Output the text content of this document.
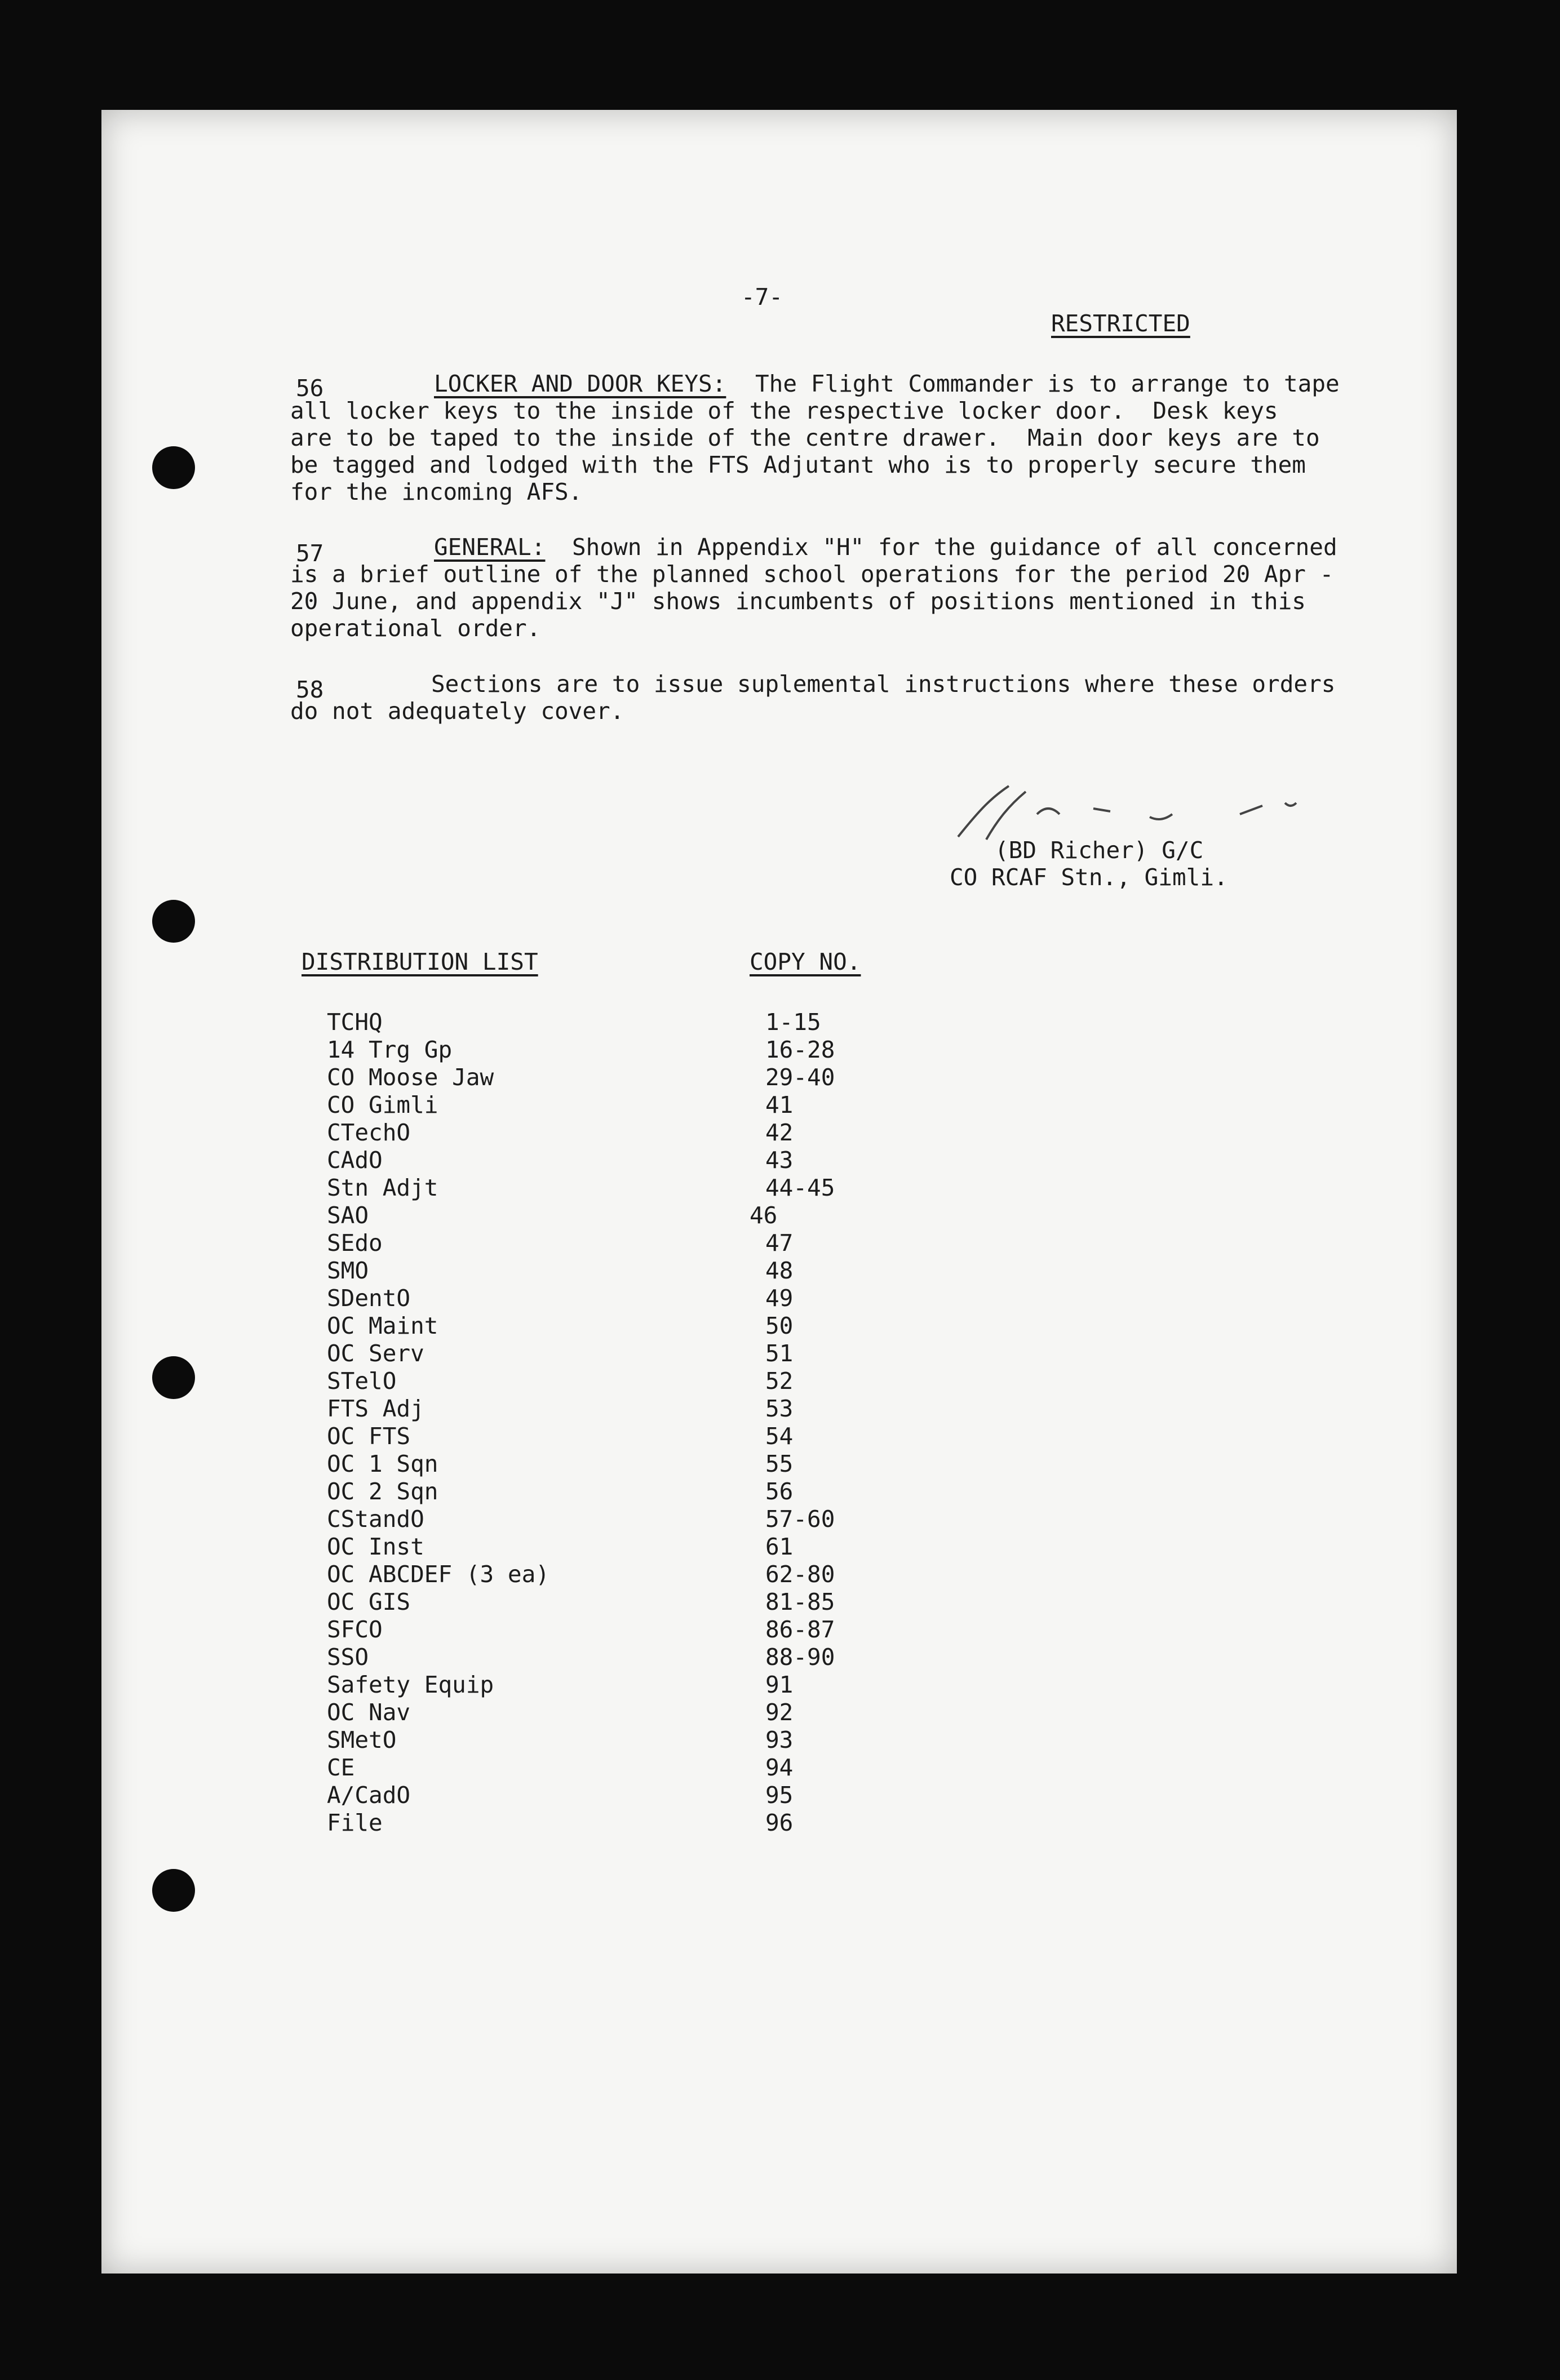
-7-
RESTRICTED
56	LOCKER AND DOOR KEYS: The Flight Commander is to arrange to tape
all locker keys to the inside of the respective locker door.  Desk keys
are to be taped to the inside of the centre drawer.  Main door keys are to
be tagged and lodged with the FTS Adjutant who is to properly secure them
for the incoming AFS.
57	GENERAL: Shown in Appendix "H" for the guidance of all concerned
is a brief outline of the planned school operations for the period 20 Apr -
20 June, and appendix "J" shows incumbents of positions mentioned in this
operational order.
58	Sections are to issue suplemental instructions where these orders
do not adequately cover.
(BD Richer) G/C
CO RCAF Stn., Gimli.
DISTRIBUTION LIST	COPY NO.
TCHQ	1-15
14 Trg Gp	16-28
CO Moose Jaw	29-40
CO Gimli	41
CTechO	42
CAdO	43
Stn Adjt	44-45
SAO	46
SEdo	47
SMO	48
SDentO	49
OC Maint	50
OC Serv	51
STelO	52
FTS Adj	53
OC FTS	54
OC 1 Sqn	55
OC 2 Sqn	56
CStandO	57-60
OC Inst	61
OC ABCDEF (3 ea)	62-80
OC GIS	81-85
SFCO	86-87
SSO	88-90
Safety Equip	91
OC Nav	92
SMetO	93
CE	94
A/CadO	95
File	96
